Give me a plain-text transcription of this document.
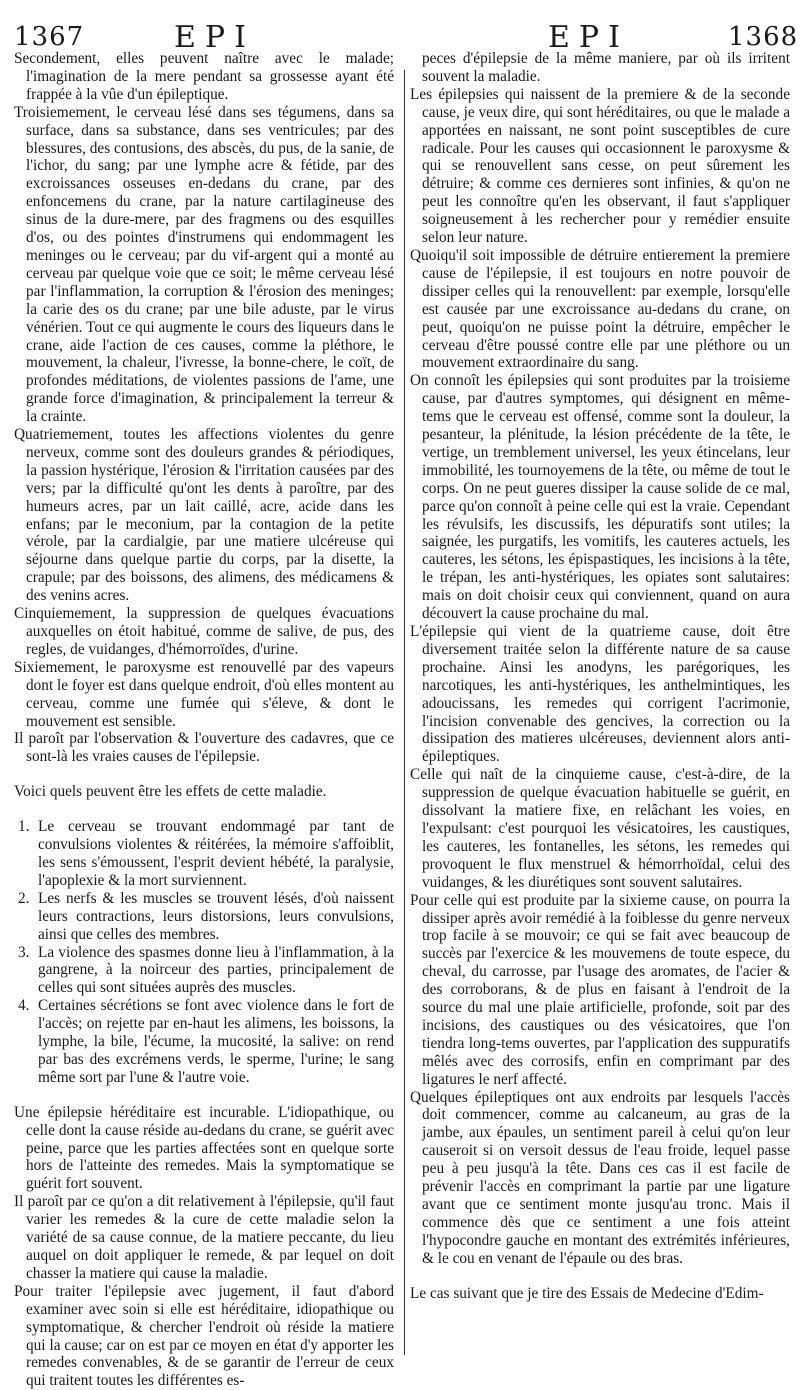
1367	EPI	EPI	1368

Secondement, elles peuvent naître avec le malade; l'imagination de la mere pendant sa grossesse ayant été frappée à la vûe d'un épileptique.

Troisiemement, le cerveau lésé dans ses tégumens, dans sa surface, dans sa substance, dans ses ventricules; par des blessures, des contusions, des abscès, du pus, de la sanie, de l'ichor, du sang; par une lymphe acre & fétide, par des excroissances osseuses en-dedans du crane, par des enfoncemens du crane, par la nature cartilagineuse des sinus de la dure-mere, par des fragmens ou des esquilles d'os, ou des pointes d'instrumens qui endommagent les meninges ou le cerveau; par du vif-argent qui a monté au cerveau par quelque voie que ce soit; le même cerveau lésé par l'inflammation, la corruption & l'érosion des meninges; la carie des os du crane; par une bile aduste, par le virus vénérien. Tout ce qui augmente le cours des liqueurs dans le crane, aide l'action de ces causes, comme la pléthore, le mouvement, la chaleur, l'ivresse, la bonne-chere, le coït, de profondes méditations, de violentes passions de l'ame, une grande force d'imagination, & principalement la terreur & la crainte.

Quatriemement, toutes les affections violentes du genre nerveux, comme sont des douleurs grandes & périodiques, la passion hystérique, l'érosion & l'irritation causées par des vers; par la difficulté qu'ont les dents à paroître, par des humeurs acres, par un lait caillé, acre, acide dans les enfans; par le meconium, par la contagion de la petite vérole, par la cardialgie, par une matiere ulcéreuse qui séjourne dans quelque partie du corps, par la disette, la crapule; par des boissons, des alimens, des médicamens & des venins acres.

Cinquiemement, la suppression de quelques évacuations auxquelles on étoit habitué, comme de salive, de pus, des regles, de vuidanges, d'hémorroïdes, d'urine.

Sixiemement, le paroxysme est renouvellé par des vapeurs dont le foyer est dans quelque endroit, d'où elles montent au cerveau, comme une fumée qui s'éleve, & dont le mouvement est sensible.

Il paroît par l'observation & l'ouverture des cadavres, que ce sont-là les vraies causes de l'épilepsie.

Voici quels peuvent être les effets de cette maladie.

1. Le cerveau se trouvant endommagé par tant de convulsions violentes & réitérées, la mémoire s'affoiblit, les sens s'émoussent, l'esprit devient hébété, la paralysie, l'apoplexie & la mort surviennent.
2. Les nerfs & les muscles se trouvent lésés, d'où naissent leurs contractions, leurs distorsions, leurs convulsions, ainsi que celles des membres.
3. La violence des spasmes donne lieu à l'inflammation, à la gangrene, à la noirceur des parties, principalement de celles qui sont situées auprès des muscles.
4. Certaines sécrétions se font avec violence dans le fort de l'accès; on rejette par en-haut les alimens, les boissons, la lymphe, la bile, l'écume, la mucosité, la salive: on rend par bas des excrémens verds, le sperme, l'urine; le sang même sort par l'une & l'autre voie.

Une épilepsie héréditaire est incurable. L'idiopathique, ou celle dont la cause réside au-dedans du crane, se guérit avec peine, parce que les parties affectées sont en quelque sorte hors de l'atteinte des remedes. Mais la symptomatique se guérit fort souvent.

Il paroît par ce qu'on a dit relativement à l'épilepsie, qu'il faut varier les remedes & la cure de cette maladie selon la variété de sa cause connue, de la matiere peccante, du lieu auquel on doit appliquer le remede, & par lequel on doit chasser la matiere qui cause la maladie.

Pour traiter l'épilepsie avec jugement, il faut d'abord examiner avec soin si elle est héréditaire, idiopathique ou symptomatique, & chercher l'endroit où réside la matiere qui la cause; car on est par ce moyen en état d'y apporter les remedes convenables, & de se garantir de l'erreur de ceux qui traitent toutes les différentes es-

peces d'épilepsie de la même maniere, par où ils irritent souvent la maladie.

Les épilepsies qui naissent de la premiere & de la seconde cause, je veux dire, qui sont héréditaires, ou que le malade a apportées en naissant, ne sont point susceptibles de cure radicale. Pour les causes qui occasionnent le paroxysme & qui se renouvellent sans cesse, on peut sûrement les détruire; & comme ces dernieres sont infinies, & qu'on ne peut les connoître qu'en les observant, il faut s'appliquer soigneusement à les rechercher pour y remédier ensuite selon leur nature.

Quoiqu'il soit impossible de détruire entierement la premiere cause de l'épilepsie, il est toujours en notre pouvoir de dissiper celles qui la renouvellent: par exemple, lorsqu'elle est causée par une excroissance au-dedans du crane, on peut, quoiqu'on ne puisse point la détruire, empêcher le cerveau d'être poussé contre elle par une pléthore ou un mouvement extraordinaire du sang.

On connoît les épilepsies qui sont produites par la troisieme cause, par d'autres symptomes, qui désignent en même-tems que le cerveau est offensé, comme sont la douleur, la pesanteur, la plénitude, la lésion précédente de la tête, le vertige, un tremblement universel, les yeux étincelans, leur immobilité, les tournoyemens de la tête, ou même de tout le corps. On ne peut gueres dissiper la cause solide de ce mal, parce qu'on connoît à peine celle qui est la vraie. Cependant les révulsifs, les discussifs, les dépuratifs sont utiles; la saignée, les purgatifs, les vomitifs, les cauteres actuels, les cauteres, les sétons, les épispastiques, les incisions à la tête, le trépan, les anti-hystériques, les opiates sont salutaires: mais on doit choisir ceux qui conviennent, quand on aura découvert la cause prochaine du mal.

L'épilepsie qui vient de la quatrieme cause, doit être diversement traitée selon la différente nature de sa cause prochaine. Ainsi les anodyns, les parégoriques, les narcotiques, les anti-hystériques, les anthelmintiques, les adoucissans, les remedes qui corrigent l'acrimonie, l'incision convenable des gencives, la correction ou la dissipation des matieres ulcéreuses, deviennent alors anti-épileptiques.

Celle qui naît de la cinquieme cause, c'est-à-dire, de la suppression de quelque évacuation habituelle se guérit, en dissolvant la matiere fixe, en relâchant les voies, en l'expulsant: c'est pourquoi les vésicatoires, les caustiques, les cauteres, les fontanelles, les sétons, les remedes qui provoquent le flux menstruel & hémorrhoïdal, celui des vuidanges, & les diurétiques sont souvent salutaires.

Pour celle qui est produite par la sixieme cause, on pourra la dissiper après avoir remédié à la foiblesse du genre nerveux trop facile à se mouvoir; ce qui se fait avec beaucoup de succès par l'exercice & les mouvemens de toute espece, du cheval, du carrosse, par l'usage des aromates, de l'acier & des corroborans, & de plus en faisant à l'endroit de la source du mal une plaie artificielle, profonde, soit par des incisions, des caustiques ou des vésicatoires, que l'on tiendra long-tems ouvertes, par l'application des suppuratifs mêlés avec des corrosifs, enfin en comprimant par des ligatures le nerf affecté.

Quelques épileptiques ont aux endroits par lesquels l'accès doit commencer, comme au calcaneum, au gras de la jambe, aux épaules, un sentiment pareil à celui qu'on leur causeroit si on versoit dessus de l'eau froide, lequel passe peu à peu jusqu'à la tête. Dans ces cas il est facile de prévenir l'accès en comprimant la partie par une ligature avant que ce sentiment monte jusqu'au tronc. Mais il commence dès que ce sentiment a une fois atteint l'hypocondre gauche en montant des extrémités inférieures, & le cou en venant de l'épaule ou des bras.

Le cas suivant que je tire des Essais de Medecine d'Edim-
